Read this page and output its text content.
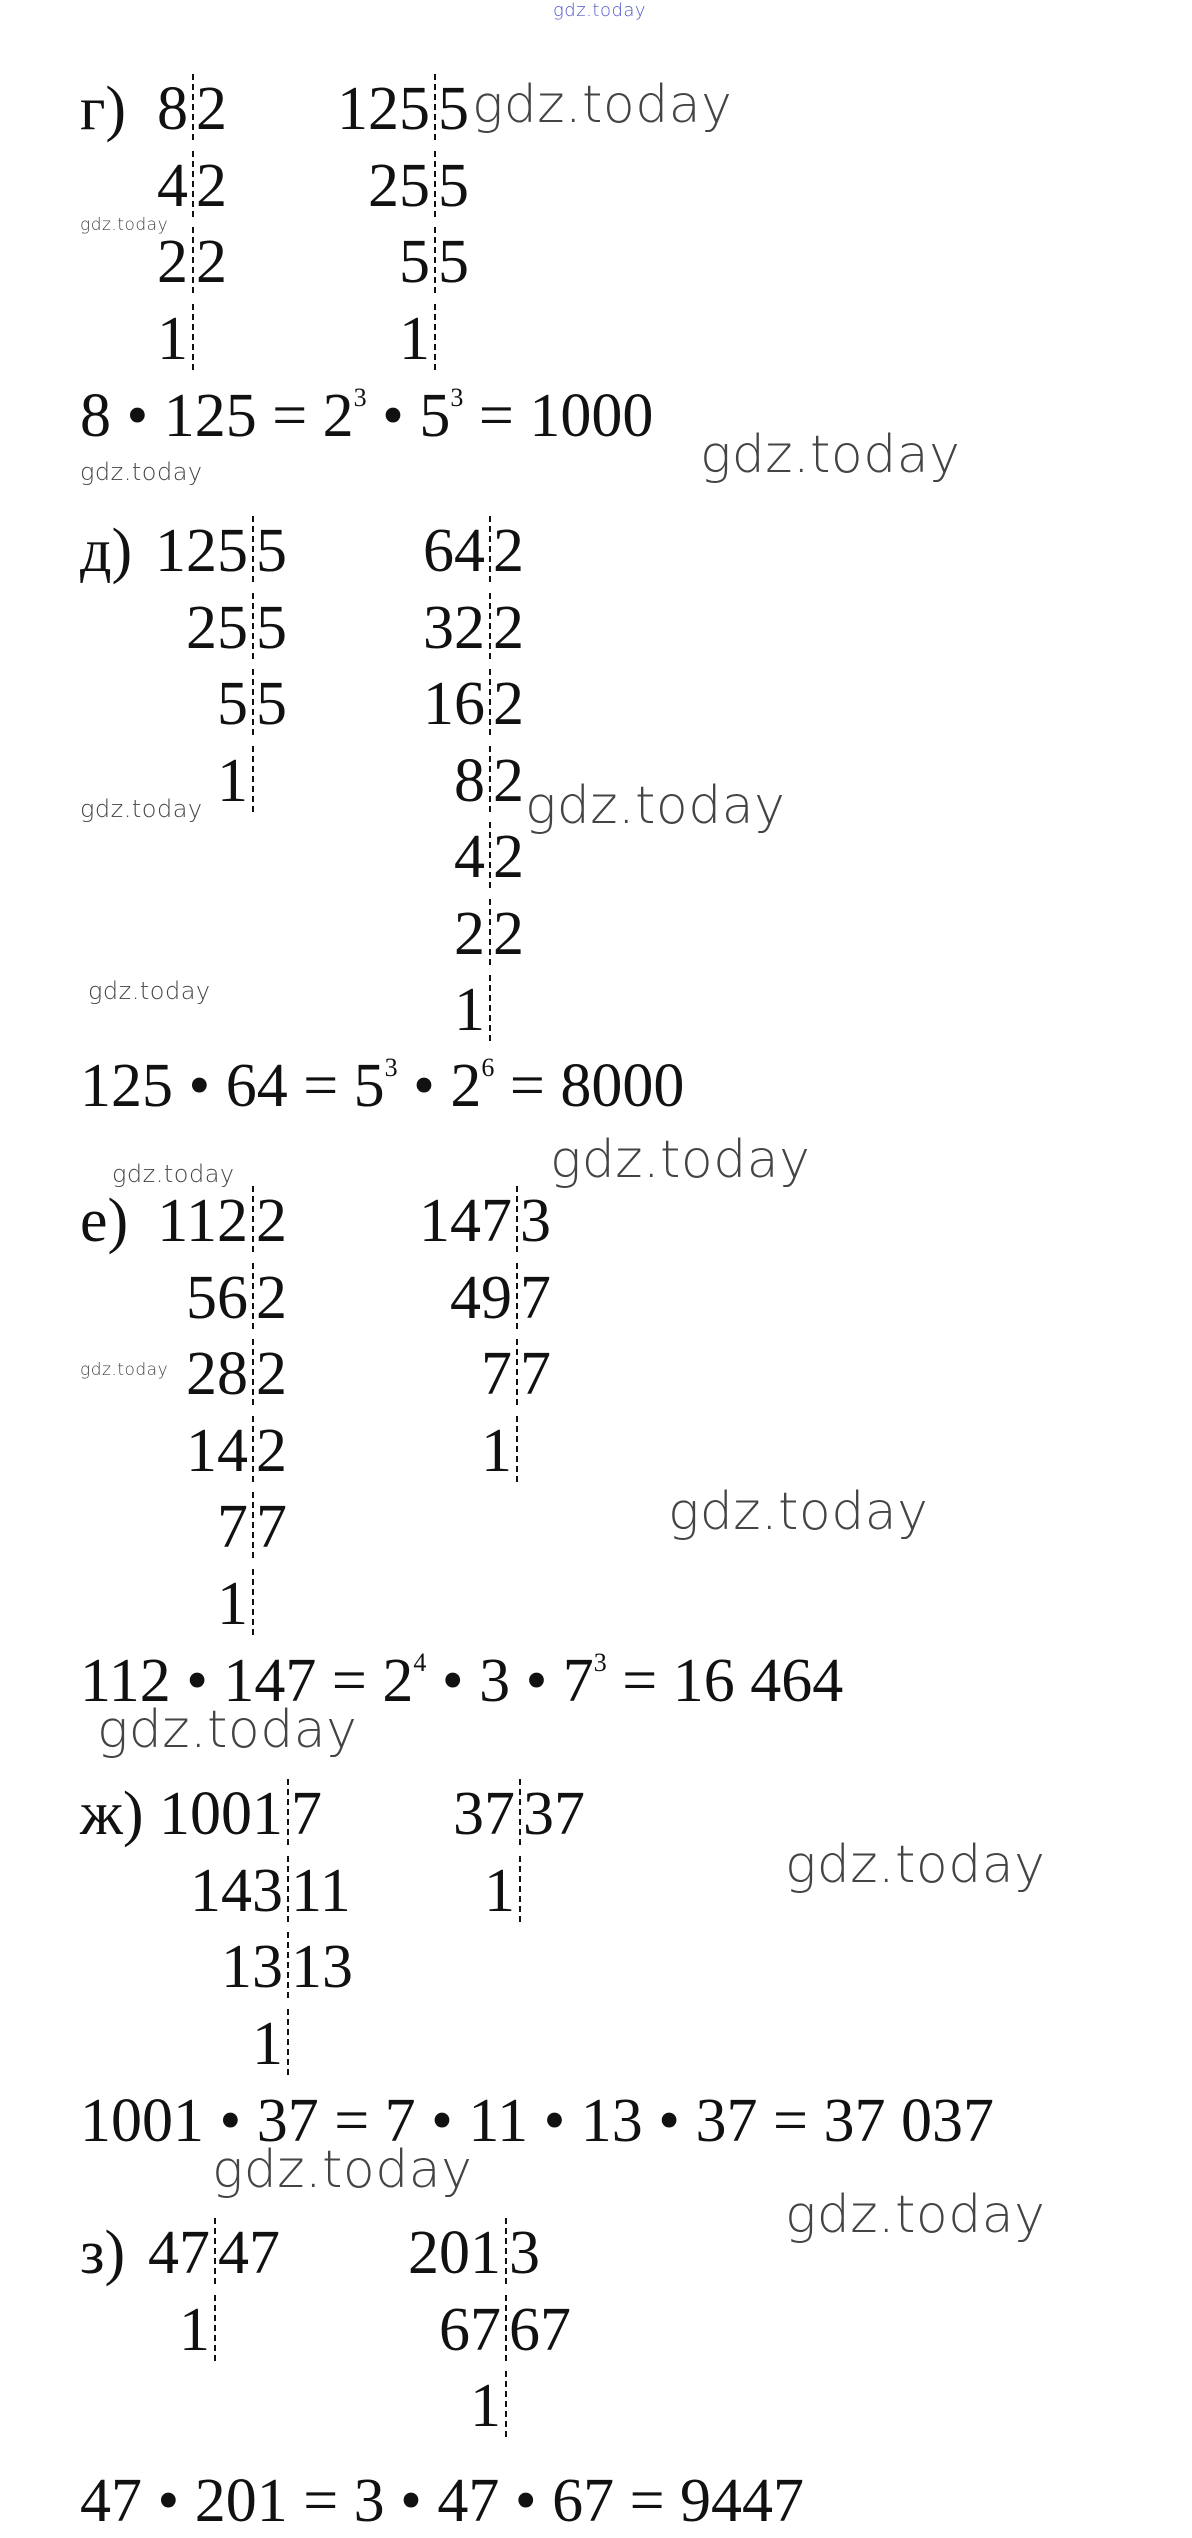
gdz.today
gdz.today
gdz.today
gdz.today
gdz.today
gdz.today
gdz.today
gdz.today
gdz.today	gdz.today
gdz.today
gdz.today
gdz.today
gdz.today
gdz.today
gdz.today
г)
8 • $125 = 2^3$ • $5^3 = 1000$
д)
125 • $64 = 5^3$ • $2^6 = 8000$
е)
112 • $147 = 2^4$ • 3 • $7^3 = 16$ 464
ж)
1001 • 37 = 7 • 11 • 13 • 37 = 37 037
з)
47 • 201 = 3 • 47 • 67 = 9447
8 2
4 2
2 2
1
125 5
25 5
5 5
1
125 5
25 5
5 5
1
64 2
32 2
16 2
8 2
4 2
2 2
1
112 2
56 2
28 2
14 2
7 7
1
147 3
49 7
7 7
1
1001 7
143 11
13 13
1
37 37
1
47 47
1
201 3
67 67
1
